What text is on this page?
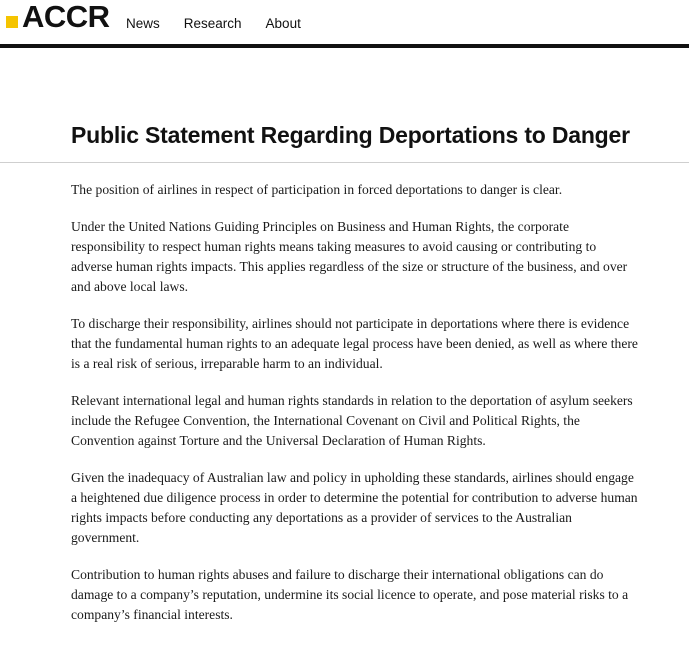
ACCR News Research About
Public Statement Regarding Deportations to Danger

The position of airlines in respect of participation in forced deportations to danger is clear.

Under the United Nations Guiding Principles on Business and Human Rights, the corporate responsibility to respect human rights means taking measures to avoid causing or contributing to adverse human rights impacts. This applies regardless of the size or structure of the business, and over and above local laws.

To discharge their responsibility, airlines should not participate in deportations where there is evidence that the fundamental human rights to an adequate legal process have been denied, as well as where there is a real risk of serious, irreparable harm to an individual.

Relevant international legal and human rights standards in relation to the deportation of asylum seekers include the Refugee Convention, the International Covenant on Civil and Political Rights, the Convention against Torture and the Universal Declaration of Human Rights.

Given the inadequacy of Australian law and policy in upholding these standards, airlines should engage a heightened due diligence process in order to determine the potential for contribution to adverse human rights impacts before conducting any deportations as a provider of services to the Australian government.

Contribution to human rights abuses and failure to discharge their international obligations can do damage to a company’s reputation, undermine its social licence to operate, and pose material risks to a company’s financial interests.
